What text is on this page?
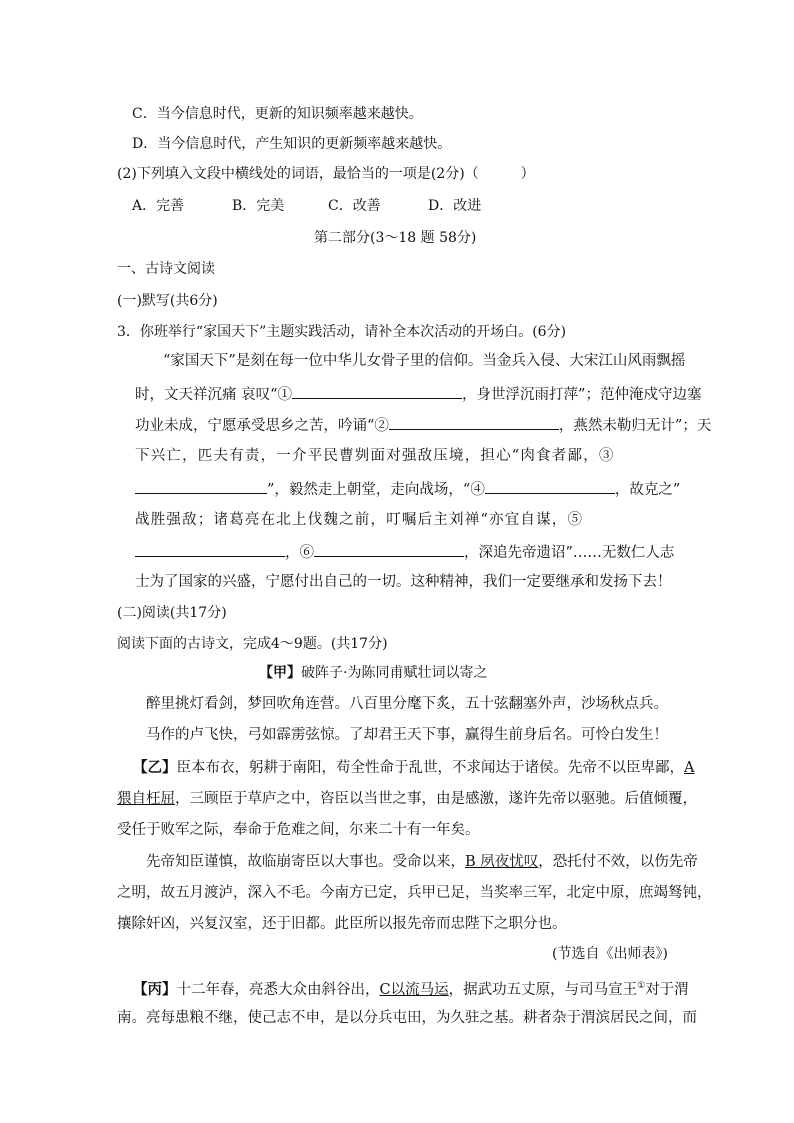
C．当今信息时代，更新的知识频率越来越快。
D．当今信息时代，产生知识的更新频率越来越快。
(2)下列填入文段中横线处的词语，最恰当的一项是(2分)（　　　）
A．完善	B．完美	C．改善	D．改进
第二部分(3～18 题 58分)
一、古诗文阅读
(一)默写(共6分)
3．你班举行“家国天下”主题实践活动，请补全本次活动的开场白。(6分)
“家国天下”是刻在每一位中华儿女骨子里的信仰。当金兵入侵、大宋江山风雨飘摇
时，文天祥沉痛 哀叹“①	，身世浮沉雨打萍”；范仲淹戍守边塞
功业未成，宁愿承受思乡之苦，吟诵“②	，燕然未勒归无计”；天
下兴亡，匹夫有责，一介平民曹刿面对强敌压境，担心“肉食者鄙，③
”，毅然走上朝堂，走向战场，“④	，故克之”
战胜强敌；诸葛亮在北上伐魏之前，叮嘱后主刘禅“亦宜自谋，⑤
，⑥	，深追先帝遗诏”……无数仁人志
士为了国家的兴盛，宁愿付出自己的一切。这种精神，我们一定要继承和发扬下去！
(二)阅读(共17分)
阅读下面的古诗文，完成4～9题。(共17分)
【甲】破阵子·为陈同甫赋壮词以寄之
醉里挑灯看剑，梦回吹角连营。八百里分麾下炙，五十弦翻塞外声，沙场秋点兵。
马作的卢飞快，弓如霹雳弦惊。了却君王天下事，赢得生前身后名。可怜白发生！
【乙】臣本布衣，躬耕于南阳，苟全性命于乱世，不求闻达于诸侯。先帝不以臣卑鄙，A
猥自枉屈，三顾臣于草庐之中，咨臣以当世之事，由是感激，遂许先帝以驱驰。后值倾覆，
受任于败军之际，奉命于危难之间，尔来二十有一年矣。
先帝知臣谨慎，故临崩寄臣以大事也。受命以来，B 夙夜忧叹，恐托付不效，以伤先帝
之明，故五月渡泸，深入不毛。今南方已定，兵甲已足，当奖率三军，北定中原，庶竭驽钝，
攘除奸凶，兴复汉室，还于旧都。此臣所以报先帝而忠陛下之职分也。
(节选自《出师表》)
【丙】十二年春，亮悉大众由斜谷出，C以流马运，据武功五丈原，与司马宣王①对于渭
南。亮每患粮不继，使己志不申，是以分兵屯田，为久驻之基。耕者杂于渭滨居民之间，而
